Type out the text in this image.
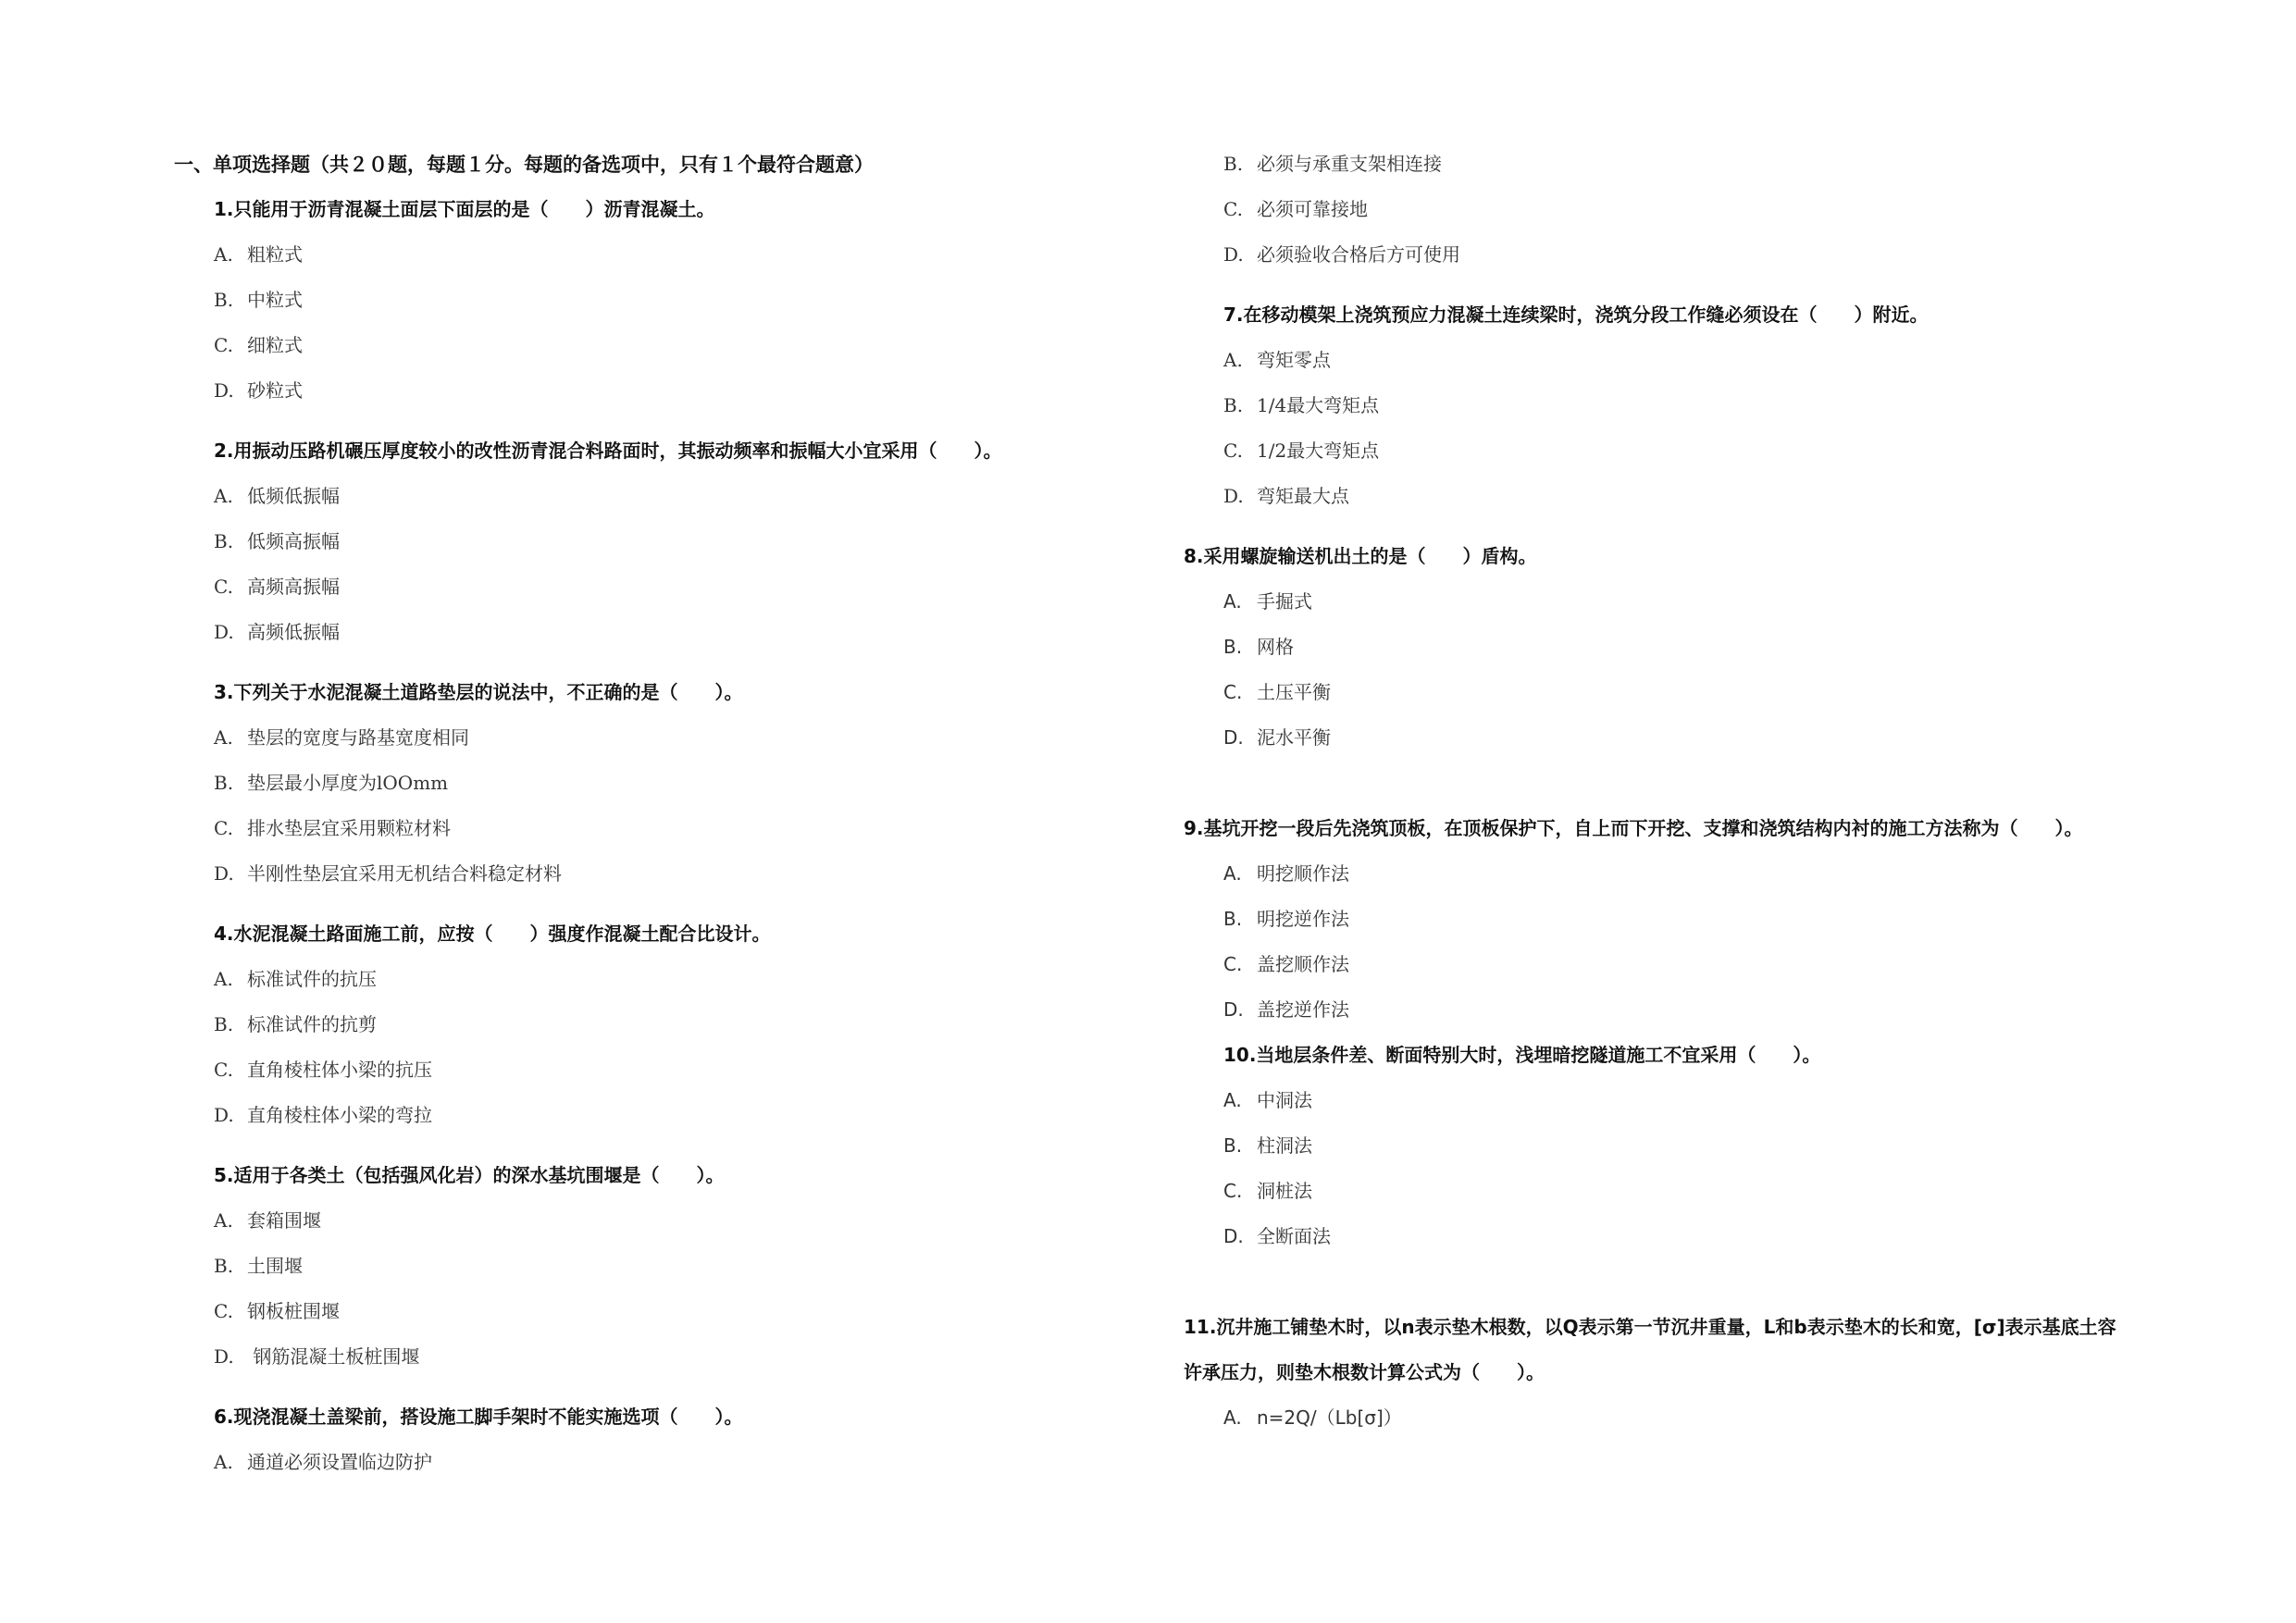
一、单项选择题（共２０题，每题１分。每题的备选项中，只有１个最符合题意）
1.只能用于沥青混凝土面层下面层的是（　　）沥青混凝土。
A. 粗粒式
B. 中粒式
C. 细粒式
D. 砂粒式
2.用振动压路机碾压厚度较小的改性沥青混合料路面时，其振动频率和振幅大小宜采用（　　）。
A. 低频低振幅
B. 低频高振幅
C. 高频高振幅
D. 高频低振幅
3.下列关于水泥混凝土道路垫层的说法中，不正确的是（　　）。
A. 垫层的宽度与路基宽度相同
B. 垫层最小厚度为lOOmm
C. 排水垫层宜采用颗粒材料
D. 半刚性垫层宜采用无机结合料稳定材料
4.水泥混凝土路面施工前，应按（　　）强度作混凝土配合比设计。
A. 标准试件的抗压
B. 标准试件的抗剪
C. 直角棱柱体小梁的抗压
D. 直角棱柱体小梁的弯拉
5.适用于各类土（包括强风化岩）的深水基坑围堰是（　　）。
A. 套箱围堰
B. 土围堰
C. 钢板桩围堰
D. 钢筋混凝土板桩围堰
6.现浇混凝土盖梁前，搭设施工脚手架时不能实施选项（　　）。
A. 通道必须设置临边防护
B. 必须与承重支架相连接
C. 必须可靠接地
D. 必须验收合格后方可使用
7.在移动模架上浇筑预应力混凝土连续梁时，浇筑分段工作缝必须设在（　　）附近。
A. 弯矩零点
B. 1/4最大弯矩点
C. 1/2最大弯矩点
D. 弯矩最大点
8.采用螺旋输送机出土的是（　　）盾构。
A. 手掘式
B. 网格
C. 土压平衡
D. 泥水平衡
9.基坑开挖一段后先浇筑顶板，在顶板保护下，自上而下开挖、支撑和浇筑结构内衬的施工方法称为（　　）。
A. 明挖顺作法
B. 明挖逆作法
C. 盖挖顺作法
D. 盖挖逆作法
10.当地层条件差、断面特别大时，浅埋暗挖隧道施工不宜采用（　　）。
A. 中洞法
B. 柱洞法
C. 洞桩法
D. 全断面法
11.沉井施工铺垫木时，以n表示垫木根数，以Q表示第一节沉井重量，L和b表示垫木的长和宽，[σ]表示基底土容许承压力，则垫木根数计算公式为（　　）。
A. n=2Q/（Lb[σ]）
